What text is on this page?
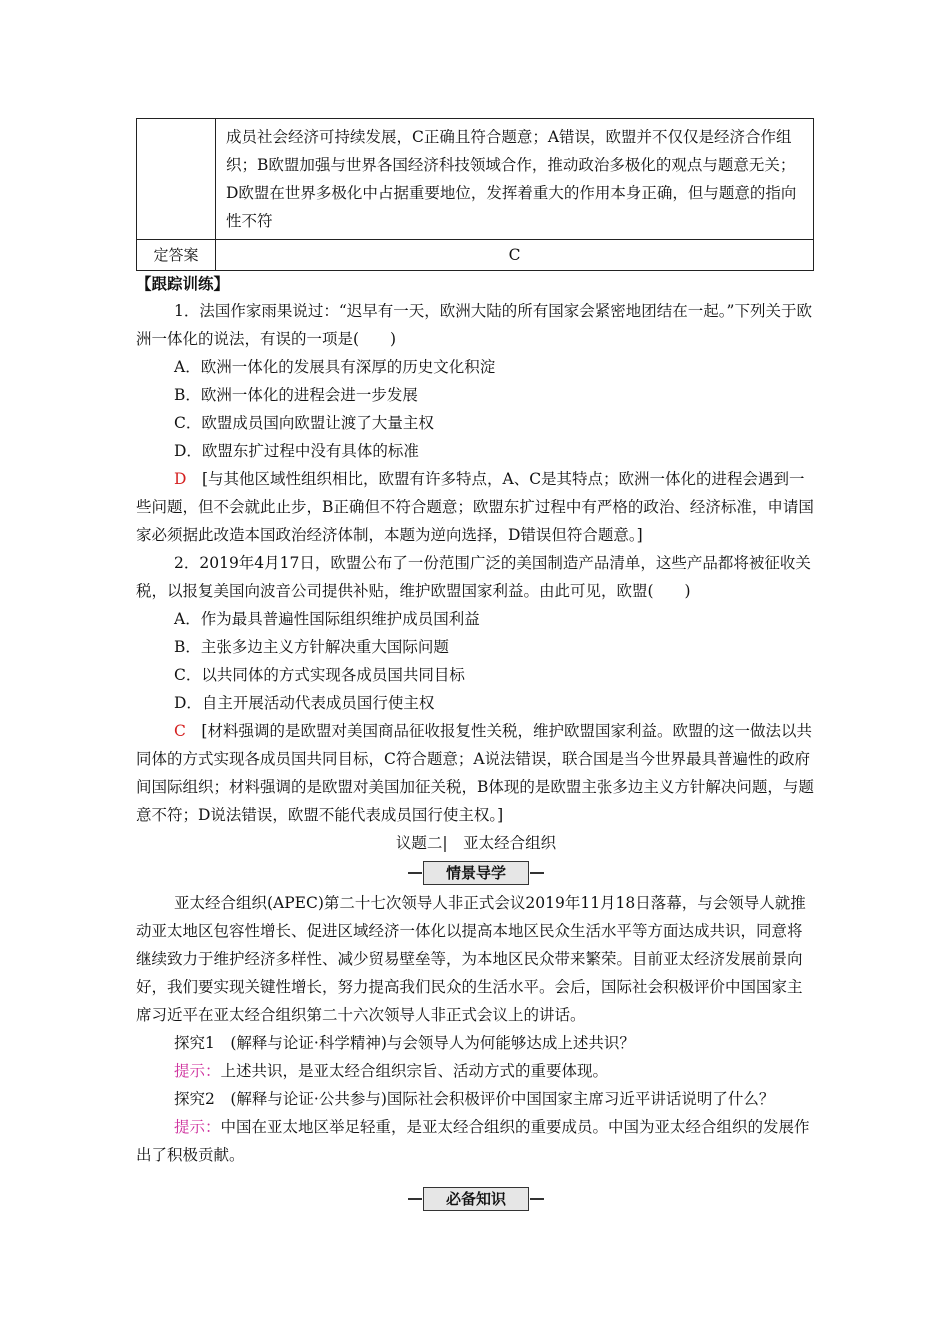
	成员社会经济可持续发展，C正确且符合题意；A错误，欧盟并不仅仅是经济合作组织；B欧盟加强与世界各国经济科技领域合作，推动政治多极化的观点与题意无关；D欧盟在世界多极化中占据重要地位，发挥着重大的作用本身正确，但与题意的指向性不符
定答案	C

【跟踪训练】

1．法国作家雨果说过：“迟早有一天，欧洲大陆的所有国家会紧密地团结在一起。”下列关于欧洲一体化的说法，有误的一项是(　　)

A．欧洲一体化的发展具有深厚的历史文化积淀

B．欧洲一体化的进程会进一步发展

C．欧盟成员国向欧盟让渡了大量主权

D．欧盟东扩过程中没有具体的标准

D　 [与其他区域性组织相比，欧盟有许多特点，A、C是其特点；欧洲一体化的进程会遇到一些问题，但不会就此止步，B正确但不符合题意；欧盟东扩过程中有严格的政治、经济标准，申请国家必须据此改造本国政治经济体制，本题为逆向选择，D错误但符合题意。]

2．2019年4月17日，欧盟公布了一份范围广泛的美国制造产品清单，这些产品都将被征收关税，以报复美国向波音公司提供补贴，维护欧盟国家利益。由此可见，欧盟(　　)

A．作为最具普遍性国际组织维护成员国利益

B．主张多边主义方针解决重大国际问题

C．以共同体的方式实现各成员国共同目标

D．自主开展活动代表成员国行使主权

C　 [材料强调的是欧盟对美国商品征收报复性关税，维护欧盟国家利益。欧盟的这一做法以共同体的方式实现各成员国共同目标，C符合题意；A说法错误，联合国是当今世界最具普遍性的政府间国际组织；材料强调的是欧盟对美国加征关税，B体现的是欧盟主张多边主义方针解决问题，与题意不符；D说法错误，欧盟不能代表成员国行使主权。]

议题二|　亚太经合组织

情景导学

亚太经合组织(APEC)第二十七次领导人非正式会议2019年11月18日落幕，与会领导人就推动亚太地区包容性增长、促进区域经济一体化以提高本地区民众生活水平等方面达成共识，同意将继续致力于维护经济多样性、减少贸易壁垒等，为本地区民众带来繁荣。目前亚太经济发展前景向好，我们要实现关键性增长，努力提高我们民众的生活水平。会后，国际社会积极评价中国国家主席习近平在亚太经合组织第二十六次领导人非正式会议上的讲话。

探究1　(解释与论证·科学精神)与会领导人为何能够达成上述共识？

提示：上述共识，是亚太经合组织宗旨、活动方式的重要体现。

探究2　(解释与论证·公共参与)国际社会积极评价中国国家主席习近平讲话说明了什么？

提示：中国在亚太地区举足轻重，是亚太经合组织的重要成员。中国为亚太经合组织的发展作出了积极贡献。

必备知识
